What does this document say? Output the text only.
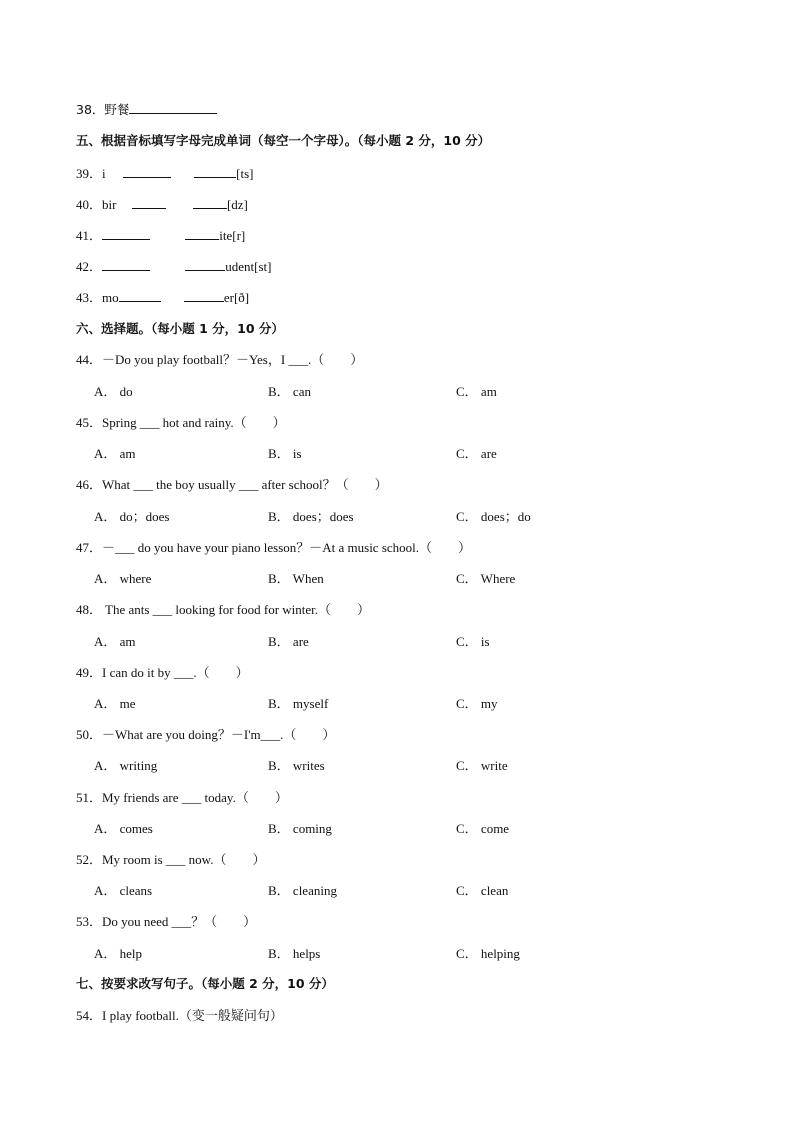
38．野餐
五、根据音标填写字母完成单词（每空一个字母）。（每小题 2 分，10 分）
39．i	[ts]
40．bir	[dz]
41．	ite[r]
42．	udent[st]
43．mo	er[ð]
六、选择题。（每小题 1 分，10 分）
44．－Do you play football？－Yes，I ___.（　　）
A． do	B． can	C． am
45．Spring ___ hot and rainy.（　　）
A． am	B． is	C． are
46．What ___ the boy usually ___ after school？（　　）
A． do；does	B． does；does	C． does；do
47．－___ do you have your piano lesson？－At a music school.（　　）
A． where	B． When	C． Where
48． The ants ___ looking for food for winter.（　　）
A． am	B． are	C． is
49．I can do it by ___.（　　）
A． me	B． myself	C． my
50．－What are you doing？－I'm___.（　　）
A． writing	B． writes	C． write
51．My friends are ___ today.（　　）
A． comes	B． coming	C． come
52．My room is ___ now.（　　）
A． cleans	B． cleaning	C． clean
53．Do you need ___？（　　）
A． help	B． helps	C． helping
七、按要求改写句子。（每小题 2 分，10 分）
54．I play football.（变一般疑问句）
